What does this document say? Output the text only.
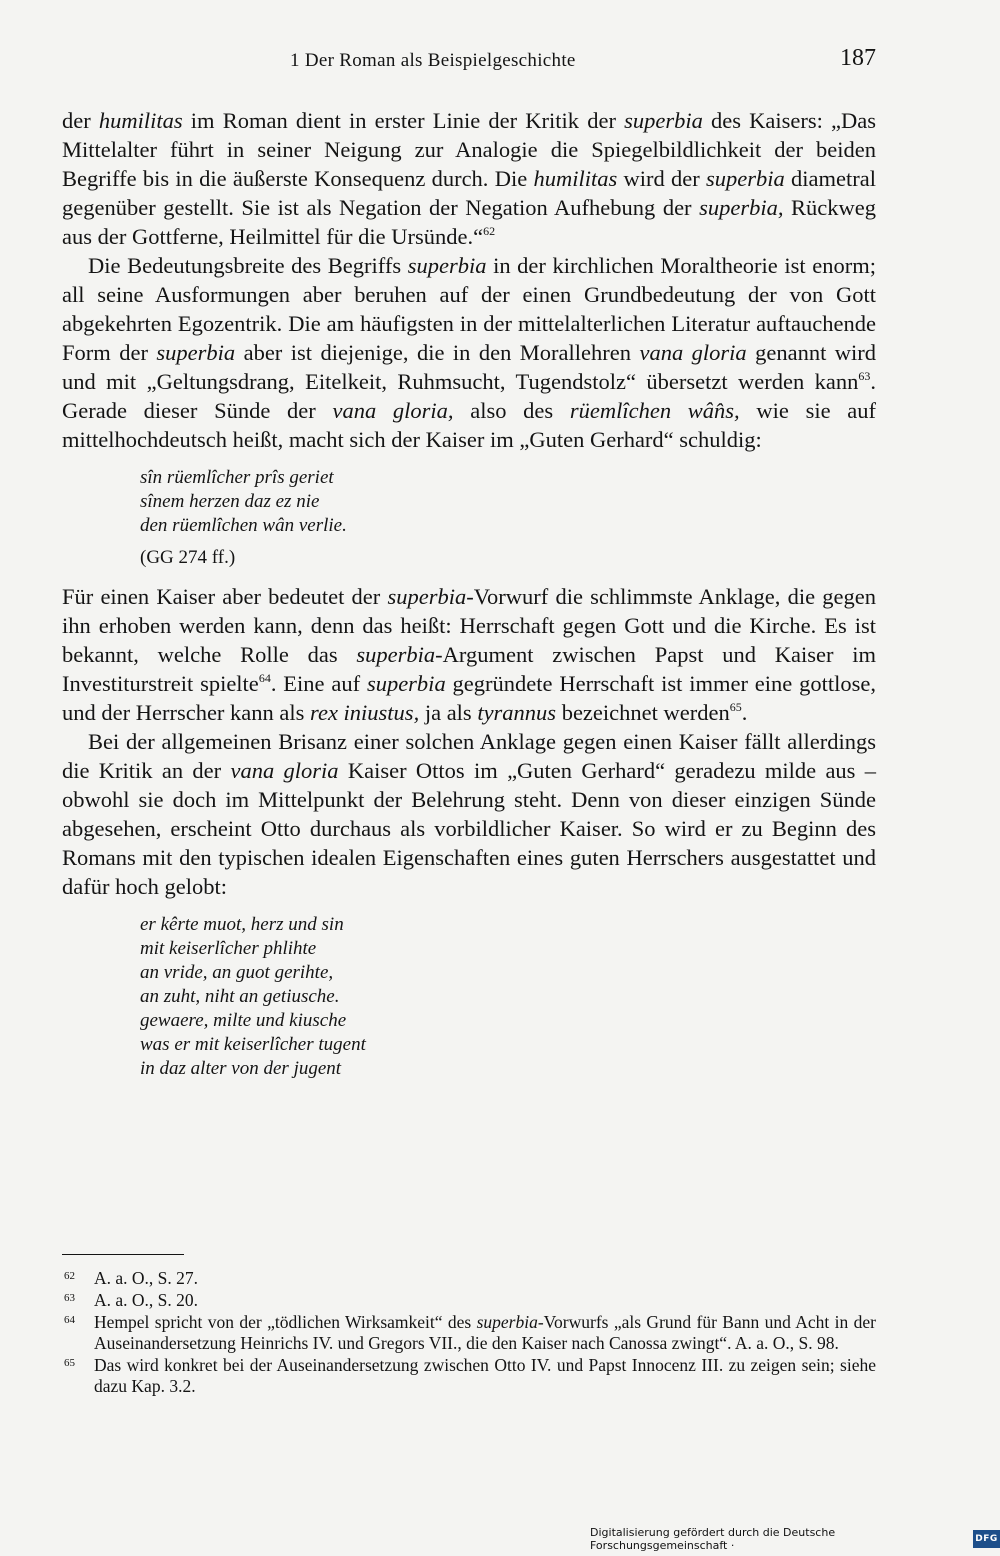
1 Der Roman als Beispielgeschichte	187

der humilitas im Roman dient in erster Linie der Kritik der superbia des Kaisers: „Das Mittelalter führt in seiner Neigung zur Analogie die Spiegelbildlichkeit der beiden Begriffe bis in die äußerste Konsequenz durch. Die humilitas wird der superbia diametral gegenüber gestellt. Sie ist als Negation der Negation Aufhebung der superbia, Rückweg aus der Gottferne, Heilmittel für die Ursünde.“$^{62}$

Die Bedeutungsbreite des Begriffs superbia in der kirchlichen Moraltheorie ist enorm; all seine Ausformungen aber beruhen auf der einen Grundbedeutung der von Gott abgekehrten Egozentrik. Die am häufigsten in der mittelalterlichen Literatur auftauchende Form der superbia aber ist diejenige, die in den Morallehren vana gloria genannt wird und mit „Geltungsdrang, Eitelkeit, Ruhmsucht, Tugendstolz“ übersetzt werden kann$^{63}$. Gerade dieser Sünde der vana gloria, also des rüemlîchen wân̂s, wie sie auf mittelhochdeutsch heißt, macht sich der Kaiser im „Guten Gerhard“ schuldig:

sîn rüemlîcher prîs geriet
sînem herzen daz ez nie
den rüemlîchen wân verlie.
(GG 274 ff.)

Für einen Kaiser aber bedeutet der superbia-Vorwurf die schlimmste Anklage, die gegen ihn erhoben werden kann, denn das heißt: Herrschaft gegen Gott und die Kirche. Es ist bekannt, welche Rolle das superbia-Argument zwischen Papst und Kaiser im Investiturstreit spielte$^{64}$. Eine auf superbia gegründete Herrschaft ist immer eine gottlose, und der Herrscher kann als rex iniustus, ja als tyrannus bezeichnet werden$^{65}$.

Bei der allgemeinen Brisanz einer solchen Anklage gegen einen Kaiser fällt allerdings die Kritik an der vana gloria Kaiser Ottos im „Guten Gerhard“ geradezu milde aus – obwohl sie doch im Mittelpunkt der Belehrung steht. Denn von dieser einzigen Sünde abgesehen, erscheint Otto durchaus als vorbildlicher Kaiser. So wird er zu Beginn des Romans mit den typischen idealen Eigenschaften eines guten Herrschers ausgestattet und dafür hoch gelobt:

er kêrte muot, herz und sin
mit keiserlîcher phlihte
an vride, an guot gerihte,
an zuht, niht an getiusche.
gewaere, milte und kiusche
was er mit keiserlîcher tugent
in daz alter von der jugent
62 A. a. O., S. 27.
63 A. a. O., S. 20.
64 Hempel spricht von der „tödlichen Wirksamkeit“ des superbia-Vorwurfs „als Grund für Bann und Acht in der Auseinandersetzung Heinrichs IV. und Gregors VII., die den Kaiser nach Canossa zwingt“. A. a. O., S. 98.
65 Das wird konkret bei der Auseinandersetzung zwischen Otto IV. und Papst Innocenz III. zu zeigen sein; siehe dazu Kap. 3.2.
Digitalisierung gefördert durch die Deutsche Forschungsgemeinschaft ·	DFG
